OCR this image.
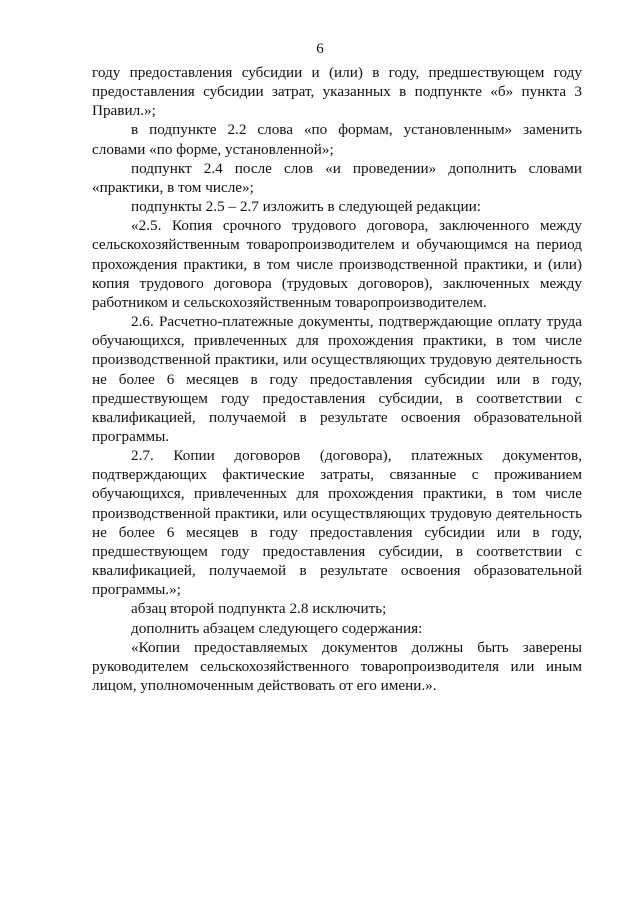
6

году предоставления субсидии и (или) в году, предшествующем году предоставления субсидии затрат, указанных в подпункте «б» пункта 3 Правил.»;

в подпункте 2.2 слова «по формам, установленным» заменить словами «по форме, установленной»;

подпункт 2.4 после слов «и проведении» дополнить словами «практики, в том числе»;

подпункты 2.5 – 2.7 изложить в следующей редакции:

«2.5. Копия срочного трудового договора, заключенного между сельскохозяйственным товаропроизводителем и обучающимся на период прохождения практики, в том числе производственной практики, и (или) копия трудового договора (трудовых договоров), заключенных между работником и сельскохозяйственным товаропроизводителем.

2.6. Расчетно-платежные документы, подтверждающие оплату труда обучающихся, привлеченных для прохождения практики, в том числе производственной практики, или осуществляющих трудовую деятельность не более 6 месяцев в году предоставления субсидии или в году, предшествующем году предоставления субсидии, в соответствии с квалификацией, получаемой в результате освоения образовательной программы.

2.7. Копии договоров (договора), платежных документов, подтверждающих фактические затраты, связанные с проживанием обучающихся, привлеченных для прохождения практики, в том числе производственной практики, или осуществляющих трудовую деятельность не более 6 месяцев в году предоставления субсидии или в году, предшествующем году предоставления субсидии, в соответствии с квалификацией, получаемой в результате освоения образовательной программы.»;

абзац второй подпункта 2.8 исключить;

дополнить абзацем следующего содержания:

«Копии предоставляемых документов должны быть заверены руководителем сельскохозяйственного товаропроизводителя или иным лицом, уполномоченным действовать от его имени.».
